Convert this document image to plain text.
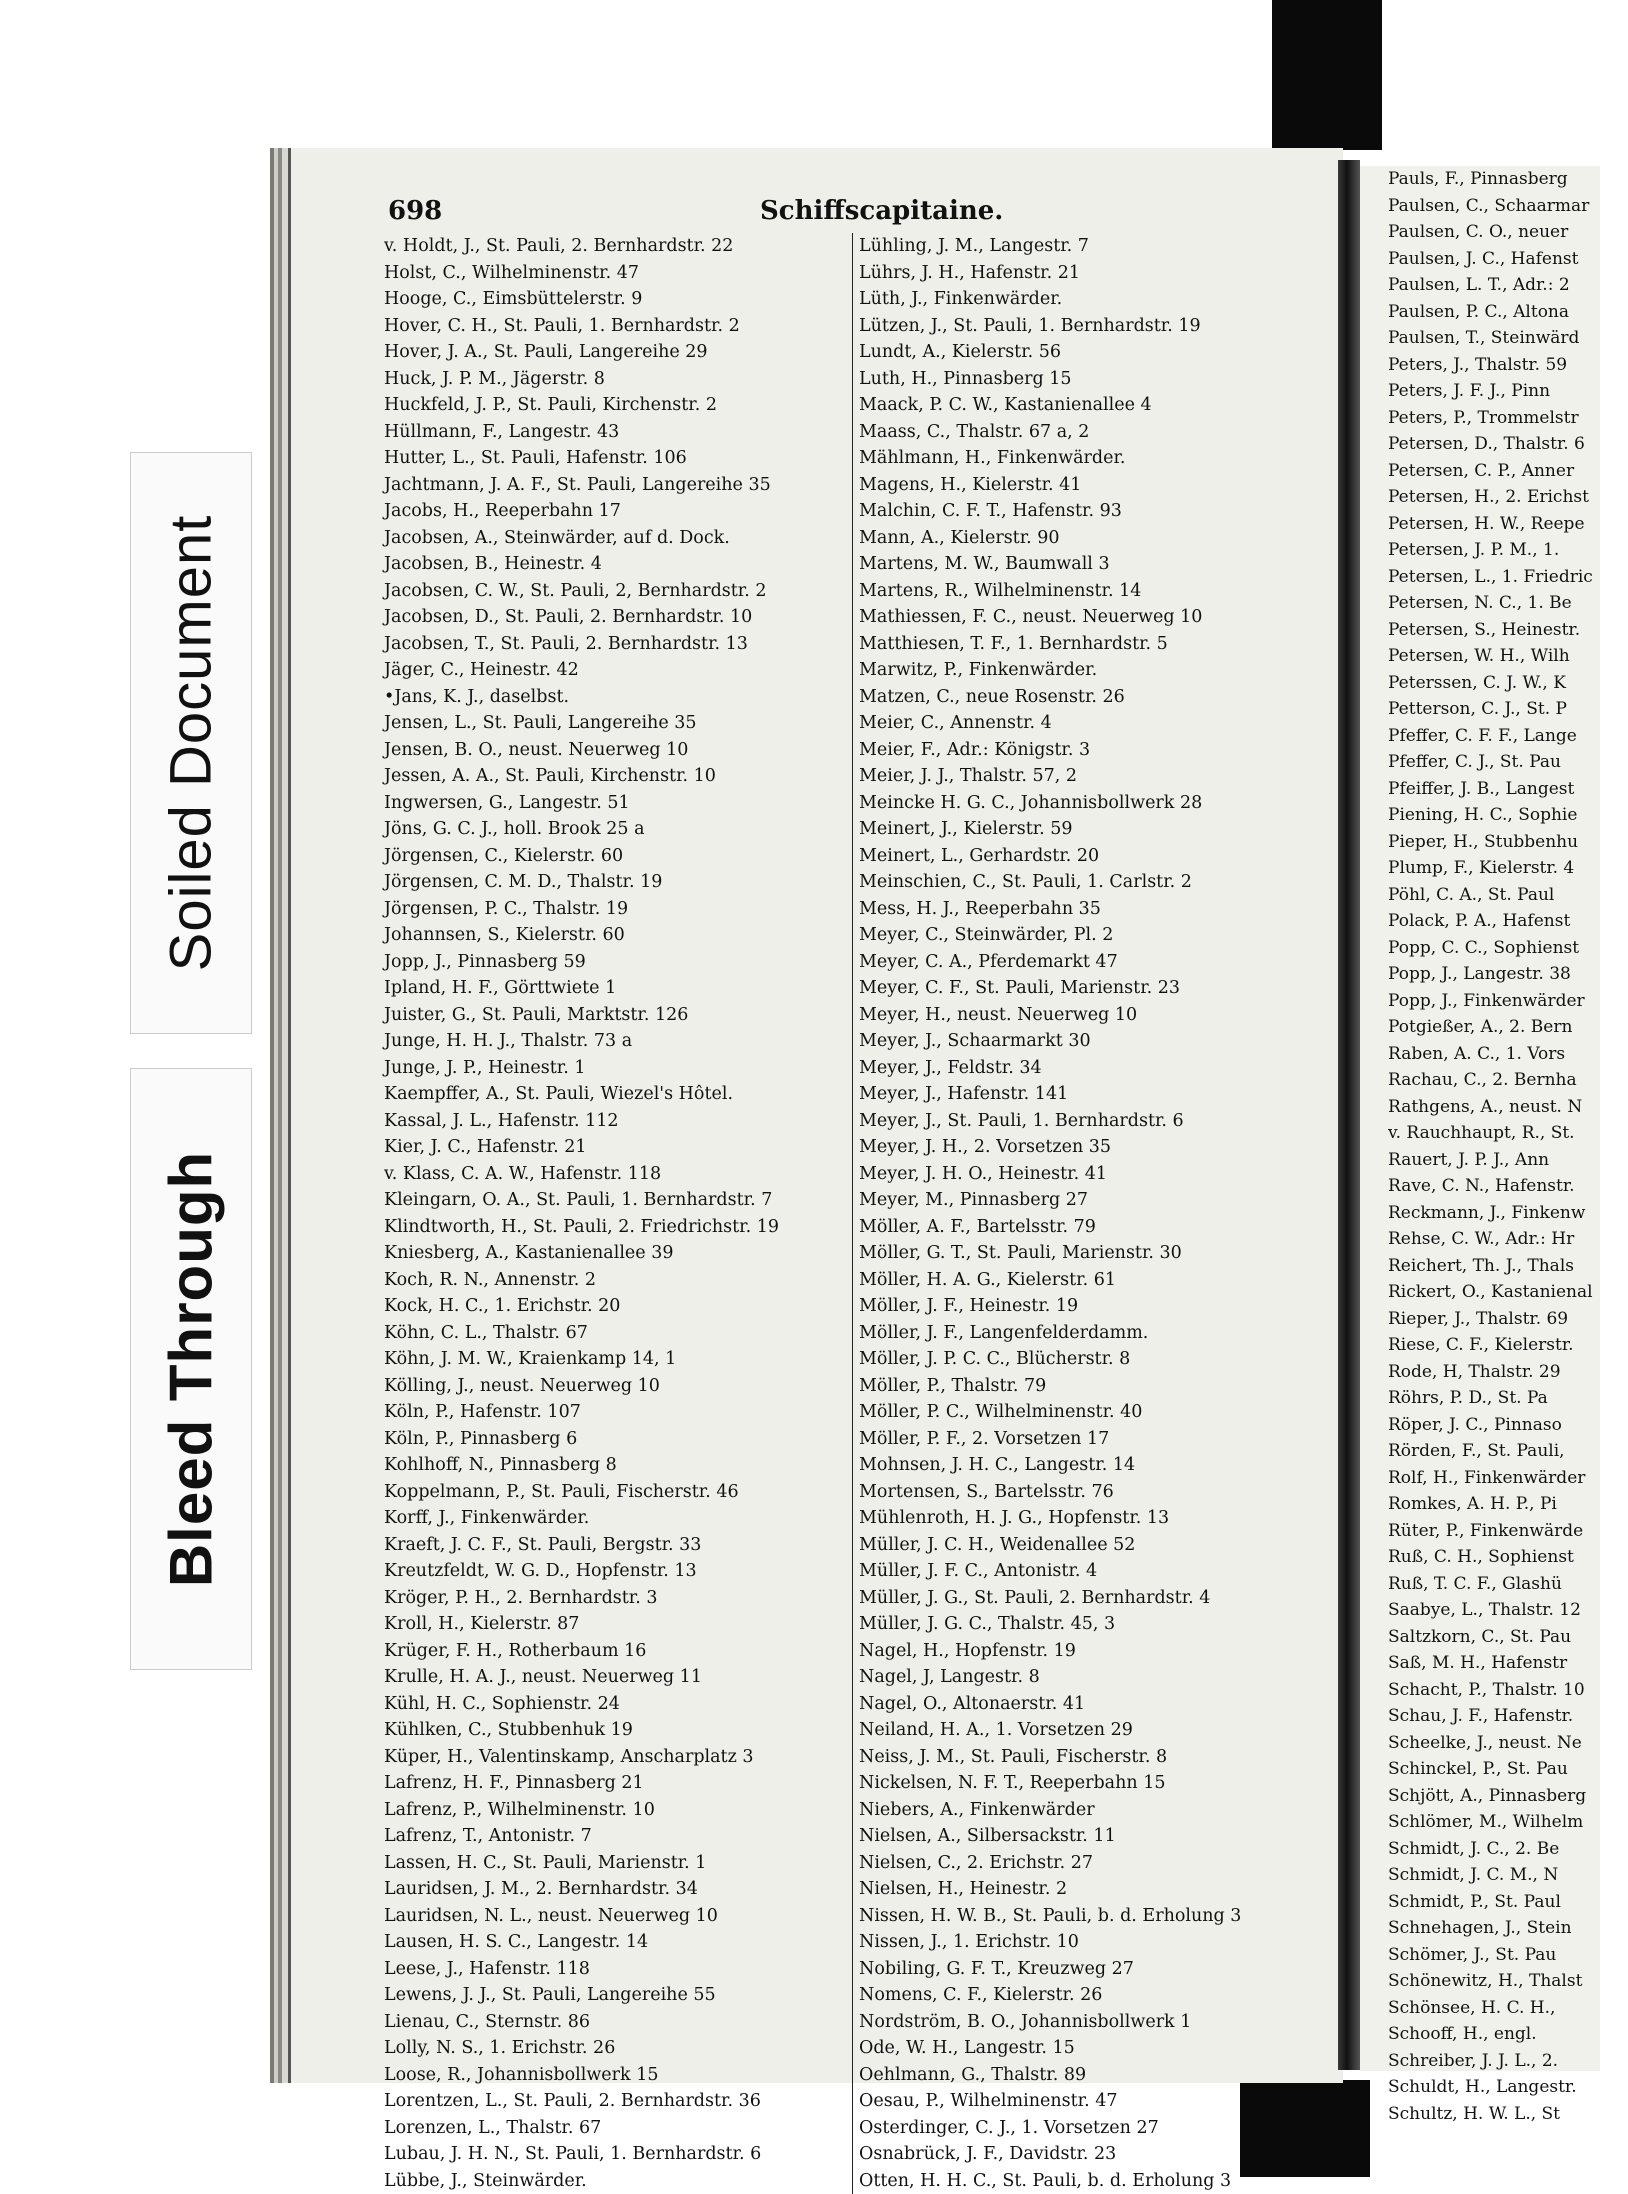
Soiled Document
Bleed Through
Pauls, F., Pinnasberg
Paulsen, C., Schaarmar
Paulsen, C. O., neuer
Paulsen, J. C., Hafenst
Paulsen, L. T., Adr.: 2
Paulsen, P. C., Altona
Paulsen, T., Steinwärd
Peters, J., Thalstr. 59
Peters, J. F. J., Pinn
Peters, P., Trommelstr
Petersen, D., Thalstr. 6
Petersen, C. P., Anner
Petersen, H., 2. Erichst
Petersen, H. W., Reepe
Petersen, J. P. M., 1.
Petersen, L., 1. Friedric
Petersen, N. C., 1. Be
Petersen, S., Heinestr.
Petersen, W. H., Wilh
Peterssen, C. J. W., K
Petterson, C. J., St. P
Pfeffer, C. F. F., Lange
Pfeffer, C. J., St. Pau
Pfeiffer, J. B., Langest
Piening, H. C., Sophie
Pieper, H., Stubbenhu
Plump, F., Kielerstr. 4
Pöhl, C. A., St. Paul
Polack, P. A., Hafenst
Popp, C. C., Sophienst
Popp, J., Langestr. 38
Popp, J., Finkenwärder
Potgießer, A., 2. Bern
Raben, A. C., 1. Vors
Rachau, C., 2. Bernha
Rathgens, A., neust. N
v. Rauchhaupt, R., St.
Rauert, J. P. J., Ann
Rave, C. N., Hafenstr.
Reckmann, J., Finkenw
Rehse, C. W., Adr.: Hr
Reichert, Th. J., Thals
Rickert, O., Kastanienal
Rieper, J., Thalstr. 69
Riese, C. F., Kielerstr.
Rode, H, Thalstr. 29
Röhrs, P. D., St. Pa
Röper, J. C., Pinnaso
Rörden, F., St. Pauli,
Rolf, H., Finkenwärder
Romkes, A. H. P., Pi
Rüter, P., Finkenwärde
Ruß, C. H., Sophienst
Ruß, T. C. F., Glashü
Saabye, L., Thalstr. 12
Saltzkorn, C., St. Pau
Saß, M. H., Hafenstr
Schacht, P., Thalstr. 10
Schau, J. F., Hafenstr.
Scheelke, J., neust. Ne
Schinckel, P., St. Pau
Schjött, A., Pinnasberg
Schlömer, M., Wilhelm
Schmidt, J. C., 2. Be
Schmidt, J. C. M., N
Schmidt, P., St. Paul
Schnehagen, J., Stein
Schömer, J., St. Pau
Schönewitz, H., Thalst
Schönsee, H. C. H.,
Schooff, H., engl.
Schreiber, J. J. L., 2.
Schuldt, H., Langestr.
Schultz, H. W. L., St
698	Schiffscapitaine.
v. Holdt, J., St. Pauli, 2. Bernhardstr. 22
Holst, C., Wilhelminenstr. 47
Hooge, C., Eimsbüttelerstr. 9
Hover, C. H., St. Pauli, 1. Bernhardstr. 2
Hover, J. A., St. Pauli, Langereihe 29
Huck, J. P. M., Jägerstr. 8
Huckfeld, J. P., St. Pauli, Kirchenstr. 2
Hüllmann, F., Langestr. 43
Hutter, L., St. Pauli, Hafenstr. 106
Jachtmann, J. A. F., St. Pauli, Langereihe 35
Jacobs, H., Reeperbahn 17
Jacobsen, A., Steinwärder, auf d. Dock.
Jacobsen, B., Heinestr. 4
Jacobsen, C. W., St. Pauli, 2, Bernhardstr. 2
Jacobsen, D., St. Pauli, 2. Bernhardstr. 10
Jacobsen, T., St. Pauli, 2. Bernhardstr. 13
Jäger, C., Heinestr. 42
•Jans, K. J., daselbst.
Jensen, L., St. Pauli, Langereihe 35
Jensen, B. O., neust. Neuerweg 10
Jessen, A. A., St. Pauli, Kirchenstr. 10
Ingwersen, G., Langestr. 51
Jöns, G. C. J., holl. Brook 25 a
Jörgensen, C., Kielerstr. 60
Jörgensen, C. M. D., Thalstr. 19
Jörgensen, P. C., Thalstr. 19
Johannsen, S., Kielerstr. 60
Jopp, J., Pinnasberg 59
Ipland, H. F., Görttwiete 1
Juister, G., St. Pauli, Marktstr. 126
Junge, H. H. J., Thalstr. 73 a
Junge, J. P., Heinestr. 1
Kaempffer, A., St. Pauli, Wiezel's Hôtel.
Kassal, J. L., Hafenstr. 112
Kier, J. C., Hafenstr. 21
v. Klass, C. A. W., Hafenstr. 118
Kleingarn, O. A., St. Pauli, 1. Bernhardstr. 7
Klindtworth, H., St. Pauli, 2. Friedrichstr. 19
Kniesberg, A., Kastanienallee 39
Koch, R. N., Annenstr. 2
Kock, H. C., 1. Erichstr. 20
Köhn, C. L., Thalstr. 67
Köhn, J. M. W., Kraienkamp 14, 1
Kölling, J., neust. Neuerweg 10
Köln, P., Hafenstr. 107
Köln, P., Pinnasberg 6
Kohlhoff, N., Pinnasberg 8
Koppelmann, P., St. Pauli, Fischerstr. 46
Korff, J., Finkenwärder.
Kraeft, J. C. F., St. Pauli, Bergstr. 33
Kreutzfeldt, W. G. D., Hopfenstr. 13
Kröger, P. H., 2. Bernhardstr. 3
Kroll, H., Kielerstr. 87
Krüger, F. H., Rotherbaum 16
Krulle, H. A. J., neust. Neuerweg 11
Kühl, H. C., Sophienstr. 24
Kühlken, C., Stubbenhuk 19
Küper, H., Valentinskamp, Anscharplatz 3
Lafrenz, H. F., Pinnasberg 21
Lafrenz, P., Wilhelminenstr. 10
Lafrenz, T., Antonistr. 7
Lassen, H. C., St. Pauli, Marienstr. 1
Lauridsen, J. M., 2. Bernhardstr. 34
Lauridsen, N. L., neust. Neuerweg 10
Lausen, H. S. C., Langestr. 14
Leese, J., Hafenstr. 118
Lewens, J. J., St. Pauli, Langereihe 55
Lienau, C., Sternstr. 86
Lolly, N. S., 1. Erichstr. 26
Loose, R., Johannisbollwerk 15
Lorentzen, L., St. Pauli, 2. Bernhardstr. 36
Lorenzen, L., Thalstr. 67
Lubau, J. H. N., St. Pauli, 1. Bernhardstr. 6
Lübbe, J., Steinwärder.
Lühling, J. M., Langestr. 7
Lührs, J. H., Hafenstr. 21
Lüth, J., Finkenwärder.
Lützen, J., St. Pauli, 1. Bernhardstr. 19
Lundt, A., Kielerstr. 56
Luth, H., Pinnasberg 15
Maack, P. C. W., Kastanienallee 4
Maass, C., Thalstr. 67 a, 2
Mählmann, H., Finkenwärder.
Magens, H., Kielerstr. 41
Malchin, C. F. T., Hafenstr. 93
Mann, A., Kielerstr. 90
Martens, M. W., Baumwall 3
Martens, R., Wilhelminenstr. 14
Mathiessen, F. C., neust. Neuerweg 10
Matthiesen, T. F., 1. Bernhardstr. 5
Marwitz, P., Finkenwärder.
Matzen, C., neue Rosenstr. 26
Meier, C., Annenstr. 4
Meier, F., Adr.: Königstr. 3
Meier, J. J., Thalstr. 57, 2
Meincke H. G. C., Johannisbollwerk 28
Meinert, J., Kielerstr. 59
Meinert, L., Gerhardstr. 20
Meinschien, C., St. Pauli, 1. Carlstr. 2
Mess, H. J., Reeperbahn 35
Meyer, C., Steinwärder, Pl. 2
Meyer, C. A., Pferdemarkt 47
Meyer, C. F., St. Pauli, Marienstr. 23
Meyer, H., neust. Neuerweg 10
Meyer, J., Schaarmarkt 30
Meyer, J., Feldstr. 34
Meyer, J., Hafenstr. 141
Meyer, J., St. Pauli, 1. Bernhardstr. 6
Meyer, J. H., 2. Vorsetzen 35
Meyer, J. H. O., Heinestr. 41
Meyer, M., Pinnasberg 27
Möller, A. F., Bartelsstr. 79
Möller, G. T., St. Pauli, Marienstr. 30
Möller, H. A. G., Kielerstr. 61
Möller, J. F., Heinestr. 19
Möller, J. F., Langenfelderdamm.
Möller, J. P. C. C., Blücherstr. 8
Möller, P., Thalstr. 79
Möller, P. C., Wilhelminenstr. 40
Möller, P. F., 2. Vorsetzen 17
Mohnsen, J. H. C., Langestr. 14
Mortensen, S., Bartelsstr. 76
Mühlenroth, H. J. G., Hopfenstr. 13
Müller, J. C. H., Weidenallee 52
Müller, J. F. C., Antonistr. 4
Müller, J. G., St. Pauli, 2. Bernhardstr. 4
Müller, J. G. C., Thalstr. 45, 3
Nagel, H., Hopfenstr. 19
Nagel, J, Langestr. 8
Nagel, O., Altonaerstr. 41
Neiland, H. A., 1. Vorsetzen 29
Neiss, J. M., St. Pauli, Fischerstr. 8
Nickelsen, N. F. T., Reeperbahn 15
Niebers, A., Finkenwärder
Nielsen, A., Silbersackstr. 11
Nielsen, C., 2. Erichstr. 27
Nielsen, H., Heinestr. 2
Nissen, H. W. B., St. Pauli, b. d. Erholung 3
Nissen, J., 1. Erichstr. 10
Nobiling, G. F. T., Kreuzweg 27
Nomens, C. F., Kielerstr. 26
Nordström, B. O., Johannisbollwerk 1
Ode, W. H., Langestr. 15
Oehlmann, G., Thalstr. 89
Oesau, P., Wilhelminenstr. 47
Osterdinger, C. J., 1. Vorsetzen 27
Osnabrück, J. F., Davidstr. 23
Otten, H. H. C., St. Pauli, b. d. Erholung 3
